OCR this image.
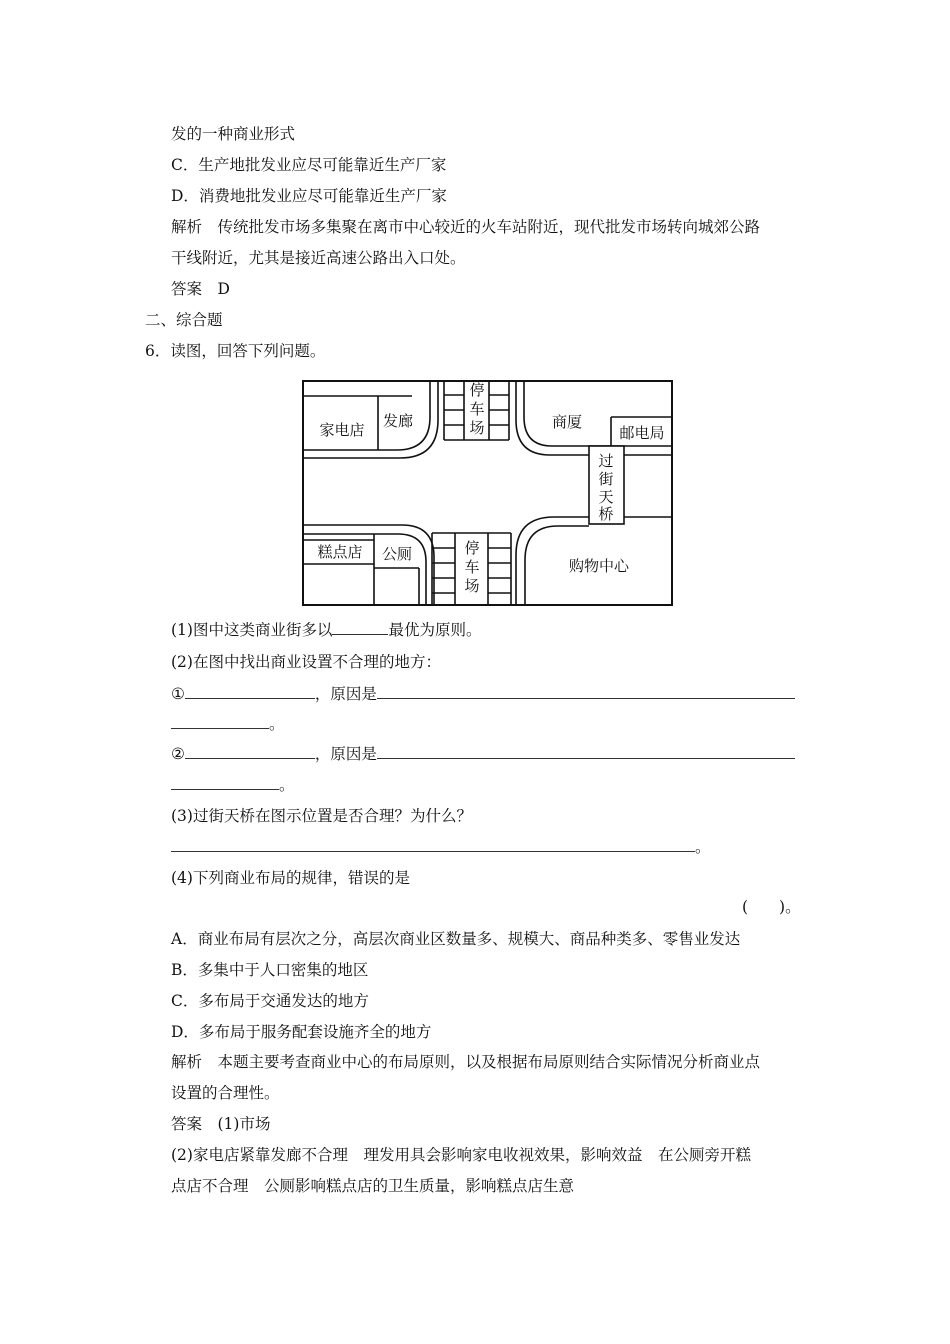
发的一种商业形式
C．生产地批发业应尽可能靠近生产厂家
D．消费地批发业应尽可能靠近生产厂家
解析　传统批发市场多集聚在离市中心较近的火车站附近，现代批发市场转向城郊公路
干线附近，尤其是接近高速公路出入口处。
答案　D
二、综合题
6．读图，回答下列问题。
家电店 发廊
停
车
场	商厦
邮电局
过
街
天
桥
糕点店 公厕	停
车
场
购物中心
(1)图中这类商业街多以	最优为原则。
(2)在图中找出商业设置不合理的地方：
①	，原因是
。
②	，原因是
。
(3)过街天桥在图示位置是否合理？为什么？
。
(4)下列商业布局的规律，错误的是
(　　)。
A．商业布局有层次之分，高层次商业区数量多、规模大、商品种类多、零售业发达
B．多集中于人口密集的地区
C．多布局于交通发达的地方
D．多布局于服务配套设施齐全的地方
解析　本题主要考查商业中心的布局原则，以及根据布局原则结合实际情况分析商业点
设置的合理性。
答案　(1)市场
(2)家电店紧靠发廊不合理　理发用具会影响家电收视效果，影响效益　在公厕旁开糕
点店不合理　公厕影响糕点店的卫生质量，影响糕点店生意
